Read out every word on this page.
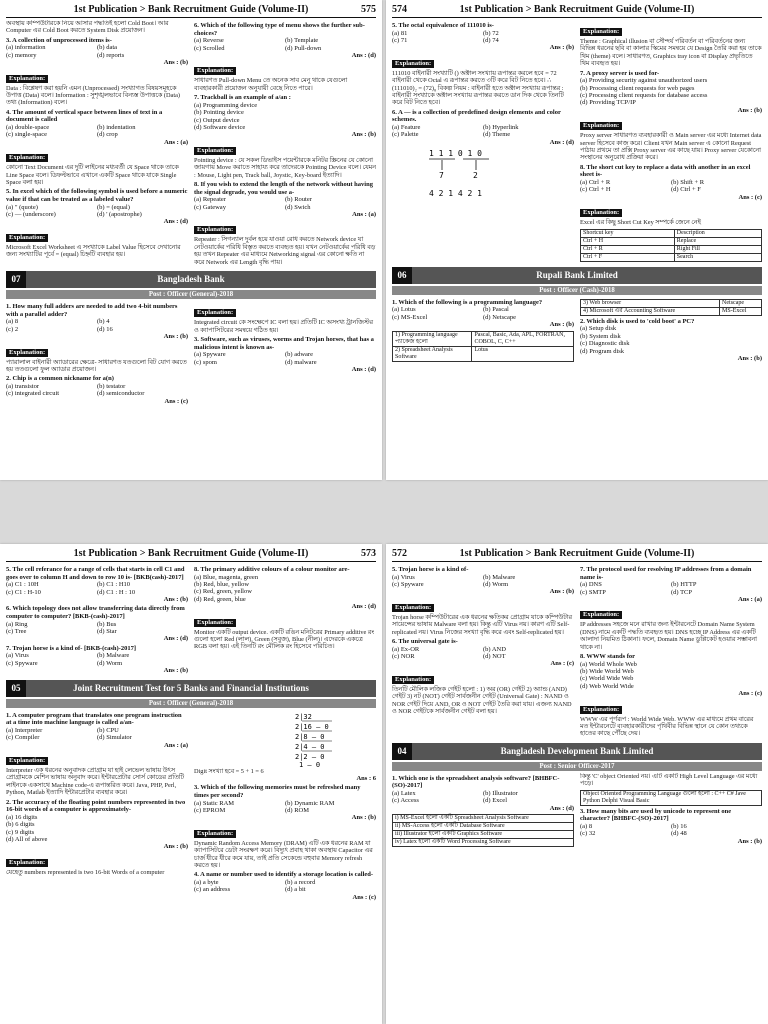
1st Publication > Bank Recruitment Guide (Volume-II)	575
অবস্থায় কম্পিউটারকে নিয়ে আসার পদ্ধতিই হলো Cold Boot। আর Computer এর Cold Boot করতে System Disk প্রয়োজন।
3. A collection of unprocessed items is-
(a) information	(b) data
(c) memory	(d) reports
Ans : (b)
Explanation:
Data : বিশ্লেষণ করা হয়নি এমন (Unprocessed) সংখ্যাগত বিষয়সমূহকে উপাত্ত (Data) বলে। Information : সুশৃঙ্খলভাবে বিন্যস্ত উপাত্তকে (Data) তথ্য (Information) বলে।
4. The amount of vertical space between lines of text in a document is called
(a) double-space	(b) indentation
(c) single-space	(d) crop
Ans : (a)
Explanation:
কোনো Text Document এর দুটি লাইনের মধ্যবর্তী যে Space থাকে তাকে Line Space বলে। ডিফল্টভাবে এখানে একটি Space থাকে যাকে Single Space বলা হয়।
5. In excel which of the following symbol is used before a numeric value if that can be treated as a labeled value?
(a) " (quote)	(b) = (equal)
(c) — (underscore)	(d) ' (apostrophe)
Ans : (d)
Explanation:
Microsoft Excel Worksheet এ সংখ্যাকে Label Value হিসেবে দেখানোর জন্য সংখ্যাটির পূর্বে = (equal) চিহ্নটি ব্যবহার হয়।
6. Which of the following type of menu shows the further sub-choices?
(a) Reverse	(b) Template
(c) Scrolled	(d) Pull-down
Ans : (d)
Explanation:
সাধারণত Pull-down Menu তে অনেক সাব মেনু থাকে যেগুলো ব্যবহারকারী প্রয়োজন অনুযায়ী বেছে নিতে পারে।
7. Trackball is an example of a/an :
(a) Programming device
(b) Pointing device
(c) Output device
(d) Software device
Ans : (b)
Explanation:
Pointing device : যে সকল ডিভাইস পয়েন্টারকে মনিটর স্ক্রিনের যে কোনো জায়গায় Move করাতে সাহায্য করে তাদেরকে Pointing Device বলে। যেমন : Mouse, Light pen, Track ball, Joystic, Key-board ইত্যাদি।
8. If you wish to extend the length of the network without having the signal degrade, you would use a-
(a) Repeater	(b) Router
(c) Gateway	(d) Swich
Ans : (a)
Explanation:
Repeater : সিগন্যাল দুর্বল হয়ে যাওয়া রোধ করতে Network device যা নেটওয়ার্কের পরিধি বিস্তৃত করতে ব্যবহৃত হয়। যখন নেটওয়ার্কের পরিধি বড় হয় তখন Repeater এর মাধ্যমে Networking signal এর কোনো ক্ষতি না করে Network এর Length বৃদ্ধি পায়।
07	Bangladesh Bank
Post : Officer (General)-2018
1. How many full adders are needed to add two 4-bit numbers with a parallel adder?
(a) 8	(b) 4
(c) 2	(d) 16
Ans : (b)
Explanation:
প্যারালাল বাইনারী অ্যাডারের ক্ষেত্রে- সাধারণত যতগুলো বিট যোগ করতে হয় ততগুলো ফুল অ্যাডার প্রয়োজন।
2. Chip is a common nickname for a(n)
(a) transistor	(b) testator
(c) integrated circuit	(d) semiconductor
Ans : (c)
Explanation:
Integrated circuit কে সংক্ষেপে IC বলা হয়। প্রতিটি IC অসংখ্য ট্রানজিস্টর ও ক্যাপাসিটরের সমন্বয়ে গঠিত হয়।
3. Software, such as viruses, worms and Trojan horses, that has a malicious intent is known as-
(a) Spyware	(b) adware
(c) spom	(d) malware
Ans : (d)
574	1st Publication > Bank Recruitment Guide (Volume-II)
5. The octal equivalence of 111010 is-
(a) 81	(b) 72
(c) 71	(d) 74
Ans : (b)
Explanation:
111010 বাইনারী সংখ্যাটি () অক্টাল সংখ্যায় রূপান্তর করলে হবে = 72
বাইনারী থেকে Octal এ রূপান্তর করতে ৩টি করে বিট নিতে হবে। ∴ (111010)₂ = (72)₈ বিকল্প নিয়ম : বাইনারী হতে অক্টাল সংখ্যায় রূপান্তর : বাইনারী সংখ্যাকে অক্টাল সংখ্যায় রূপান্তর করতে ডান দিক থেকে তিনটি করে বিট নিতে হবে।
6. A — is a collection of predefined design elements and color schemes.
(a) Feature	(b) Hyperlink
(c) Palette	(d) Theme
Ans : (d)
1 1 1 0 1 0
7	2
4 2 1 4 2 1
Explanation:
Theme : Graphical illusion বা সৌন্দর্য পরিবর্তন বা পরিবর্তনের জন্য বিভিন্ন ধরনের ছবি বা কালার স্কিমের সমন্বয়ে যে Design তৈরি করা হয় তাকে থিম (theme) বলে। সাধারণত, Graphics tray icon বা Display প্রভৃতিতে থিম ব্যবহৃত হয়।
7. A proxy server is used for-
(a) Providing security against unauthorized users
(b) Processing client requests for web pages
(c) Processing client requests for database access
(d) Providing TCP/IP
Ans : (b)
Explanation:
Proxy server সাধারণত ব্যবহারকারী ও Main server এর মধ্যে Internet data server হিসেবে কাজ করে। Client যখন Main server এ কোনো Request পাঠায় প্রথমে তা প্রক্সি Proxy server এর কাছে যায়। Proxy server যেকোনো সংস্থানের অনুরোধ প্রক্রিয়া করে।
8. The short cut key to replace a data with another in an excel sheet is-
(a) Ctrl + R	(b) Shift + R
(c) Ctrl + H	(d) Ctrl + F
Ans : (c)
Explanation:
Excel এর কিছু Short Cut Key সম্পর্কে জেনে নেই
Shortcut key	Description
Ctrl + H	Replace
Ctrl + R	Right Fill
Ctrl + F	Search
06	Rupali Bank Limited
Post : Officer (Cash)-2018
1. Which of the following is a programming language?
(a) Lotus	(b) Pascal
(c) MS-Excel	(d) Netscape
Ans : (b)
1) Programming language প্যাকেজ হলো	Pascal, Basic, Ada, APL, FORTRAN, COBOL, C, C++
2) Spreadsheet Analysis Software	Lotus
3) Web browser	Netscape
4) Microsoft এর Accounting Software	MS-Excel
2. Which disk is used to 'cold boot' a PC?
(a) Setup disk
(b) System disk
(c) Diagnostic disk
(d) Program disk
Ans : (b)
1st Publication > Bank Recruitment Guide (Volume-II)	573
5. The cell referance for a range of cells that starts in cell C1 and goes over to column H and down to row 10 is- [BKB(cash)-2017]
(a) C1 : 10H	(b) C1 : H10
(c) C1 : H-10	(d) C1 : H : 10
Ans : (b)
6. Which topology does not allow transferring data directly from computer to computer? [BKB-(cash)-2017]
(a) Ring	(b) Bus
(c) Tree	(d) Star
Ans : (d)
7. Trojan horse is a kind of- [BKB-(cash)-2017]
(a) Virus	(b) Malware
(c) Spyware	(d) Worm
Ans : (b)
8. The primary additive colours of a colour monitor are-
(a) Blue, magenta, green
(b) Red, blue, yellow
(c) Red, green, yellow
(d) Red, green, blue
Ans : (d)
Explanation:
Monitor একটি output device. একটি রঙিন মনিটরের Primary additive রং গুলো হলো Red (লাল), Green (সবুজ), Blue (নীল)। এদেরকে একত্রে RGB বলা হয়। এই তিনটি রং মৌলিক রং হিসেবে পরিচিত।
05	Joint Recruitment Test for 5 Banks and Financial Institutions
Post : Officer (General)-2018
1. A computer program that translates one program instruction at a time into machine language is called a/an-
(a) Interpreter	(b) CPU
(c) Compiler	(d) Simulator
Ans : (a)
Explanation:
Interpreter এক ধরনের অনুবাদক প্রোগ্রাম যা হাই লেভেল ভাষায় উৎস প্রোগ্রামকে মেশিন ভাষায় অনুবাদ করে। ইন্টারপ্রেটার সোর্স কোডের প্রতিটি লাইনকে একসাথে Machine code-এ রূপান্তরিত করে। Java, PHP, Perl, Python, Matlab ইত্যাদি ইন্টারপ্রেটার ব্যবহার করে।
2. The accuracy of the floating point numbers represented in two 16-bit words of a computer is approximately-
(a) 16 digits
(b) 6 digits
(c) 9 digits
(d) All of above
Ans : (b)
Explanation:
যেহেতু numbers represented is two 16-bit Words of a computer
2|32
2|16 – 0
2|8 – 0
2|4 – 0
2|2 – 0
1 – 0
Digit সংখ্যা হবে = 5 + 1 = 6
Ans : 6
3. Which of the following memories must be refreshed many times per second?
(a) Static RAM	(b) Dynamic RAM
(c) EPROM	(d) ROM
Ans : (b)
Explanation:
Dynamic Random Access Memory (DRAM) এটি এক ধরনের RAM যা ক্যাপাসিটরে ডেটা সংরক্ষণ করে। বিদ্যুৎ প্রবাহ থাকা অবস্থায় Capacitor এর চার্জ ধীরে ধীরে কমে যায়, তাই প্রতি সেকেন্ডে বহুবার Memory refresh করতে হয়।
4. A name or number used to identify a storage location is called-
(a) a byte	(b) a record
(c) an address	(d) a bit
Ans : (c)
572	1st Publication > Bank Recruitment Guide (Volume-II)
5. Trojan horse is a kind of-
(a) Virus	(b) Malware
(c) Spyware	(d) Worm
Ans : (b)
Explanation:
Trojan horse কম্পিউটারের এক ধরনের ক্ষতিকর প্রোগ্রাম যাকে কম্পিউটার সায়েন্সের ভাষায় Malware বলা হয়। কিন্তু এটি Virus নয়। কারণ এটি Self-replicated নয়। Virus নিজের সংখ্যা বৃদ্ধি করে এবং Self-replicated হয়।
6. The universal gate is-
(a) Ex-OR	(b) AND
(c) NOR	(d) NOT
Ans : (c)
Explanation:
তিনটি মৌলিক লজিক গেইট হলো : 1) অর (OR) গেইট 2) অ্যান্ড (AND) গেইট 3) নট (NOT) গেইট সার্বজনীন গেইট (Universal Gate) : NAND ও NOR গেইট দিয়ে AND, OR ও NOT গেইট তৈরি করা যায়। এজন্য NAND ও NOR গেইটকে সার্বজনীন গেইট বলা হয়।
7. The protocol used for resolving IP addresses from a domain name is-
(a) DNS	(b) HTTP
(c) SMTP	(d) TCP
Ans : (a)
Explanation:
IP addresses সহজে মনে রাখার জন্য ইন্টারনেটে Domain Name System (DNS) নামে একটি পদ্ধতি ব্যবহৃত হয়। DNS হচ্ছে IP Address এর একটি আলাদা নিয়মিত ঠিকানা। ফলে, Domain Name ডুপ্লিকেট হওয়ার সম্ভাবনা থাকে না।
8. WWW stands for
(a) World Whole Web
(b) Wide World Web
(c) World Wide Web
(d) Web World Wide
Ans : (c)
Explanation:
WWW এর পূর্ণরূপ : World Wide Web. WWW এর মাধ্যমে প্রথম বারের মত ইন্টারনেটে ব্যবহারকারীদের পৃথিবীর বিভিন্ন স্থানে যে কোন তথ্যকে হাতের কাছে পৌঁছে দেয়।
04	Bangladesh Development Bank Limited
Post : Senior Officer-2017
1. Which one is the spreadsheet analysis software? [BHBFC-(SO)-2017]
(a) Latex	(b) Illustrator
(c) Access	(d) Excel
Ans : (d)
i) MS-Excel হলো একটি Spreadsheet Analysis Software
ii) MS-Access হলো একটি Database Software
iii) Illustrator হলো একটি Graphics Software
iv) Latex হলো একটি Word Processing Software
কিন্তু 'C' object Oriented নয়। এটি একটি High Level Language এর মধ্যে পড়ে।
Object Oriented Programming Language গুলো হলো : C++ C# Jave Python Delphi Visual Basic
3. How many bits are used by unicode to represent one character? [BHBFC-(SO)-2017]
(a) 8	(b) 16
(c) 32	(d) 48
Ans : (b)
